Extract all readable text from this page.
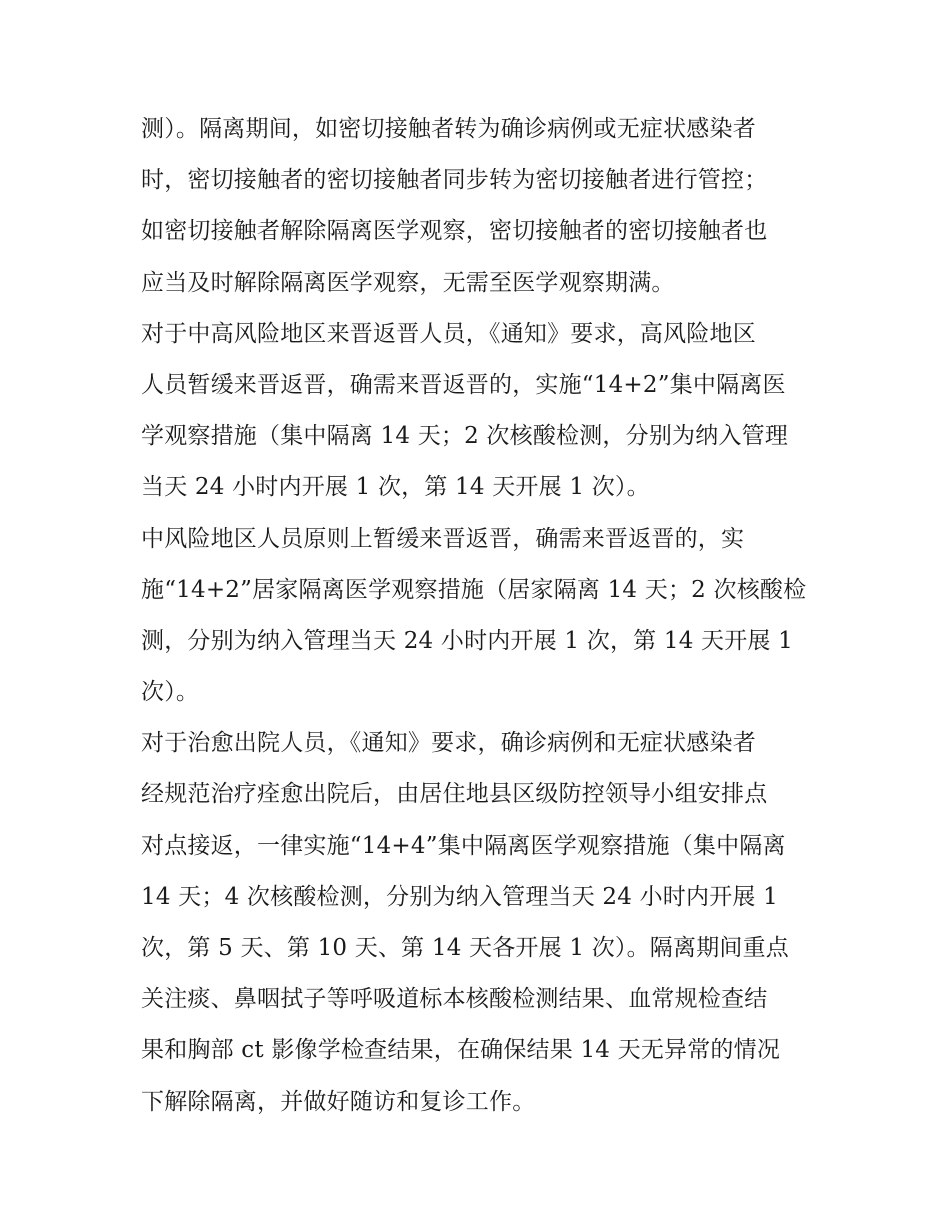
测）。隔离期间，如密切接触者转为确诊病例或无症状感染者
时，密切接触者的密切接触者同步转为密切接触者进行管控；
如密切接触者解除隔离医学观察，密切接触者的密切接触者也
应当及时解除隔离医学观察，无需至医学观察期满。
对于中高风险地区来晋返晋人员，《通知》要求，高风险地区
人员暂缓来晋返晋，确需来晋返晋的，实施“14+2”集中隔离医
学观察措施（集中隔离 14 天；2 次核酸检测，分别为纳入管理
当天 24 小时内开展 1 次，第 14 天开展 1 次）。
中风险地区人员原则上暂缓来晋返晋，确需来晋返晋的，实
施“14+2”居家隔离医学观察措施（居家隔离 14 天；2 次核酸检
测，分别为纳入管理当天 24 小时内开展 1 次，第 14 天开展 1
次）。
对于治愈出院人员，《通知》要求，确诊病例和无症状感染者
经规范治疗痊愈出院后，由居住地县区级防控领导小组安排点
对点接返，一律实施“14+4”集中隔离医学观察措施（集中隔离
14 天；4 次核酸检测，分别为纳入管理当天 24 小时内开展 1
次，第 5 天、第 10 天、第 14 天各开展 1 次）。隔离期间重点
关注痰、鼻咽拭子等呼吸道标本核酸检测结果、血常规检查结
果和胸部 ct 影像学检查结果，在确保结果 14 天无异常的情况
下解除隔离，并做好随访和复诊工作。
